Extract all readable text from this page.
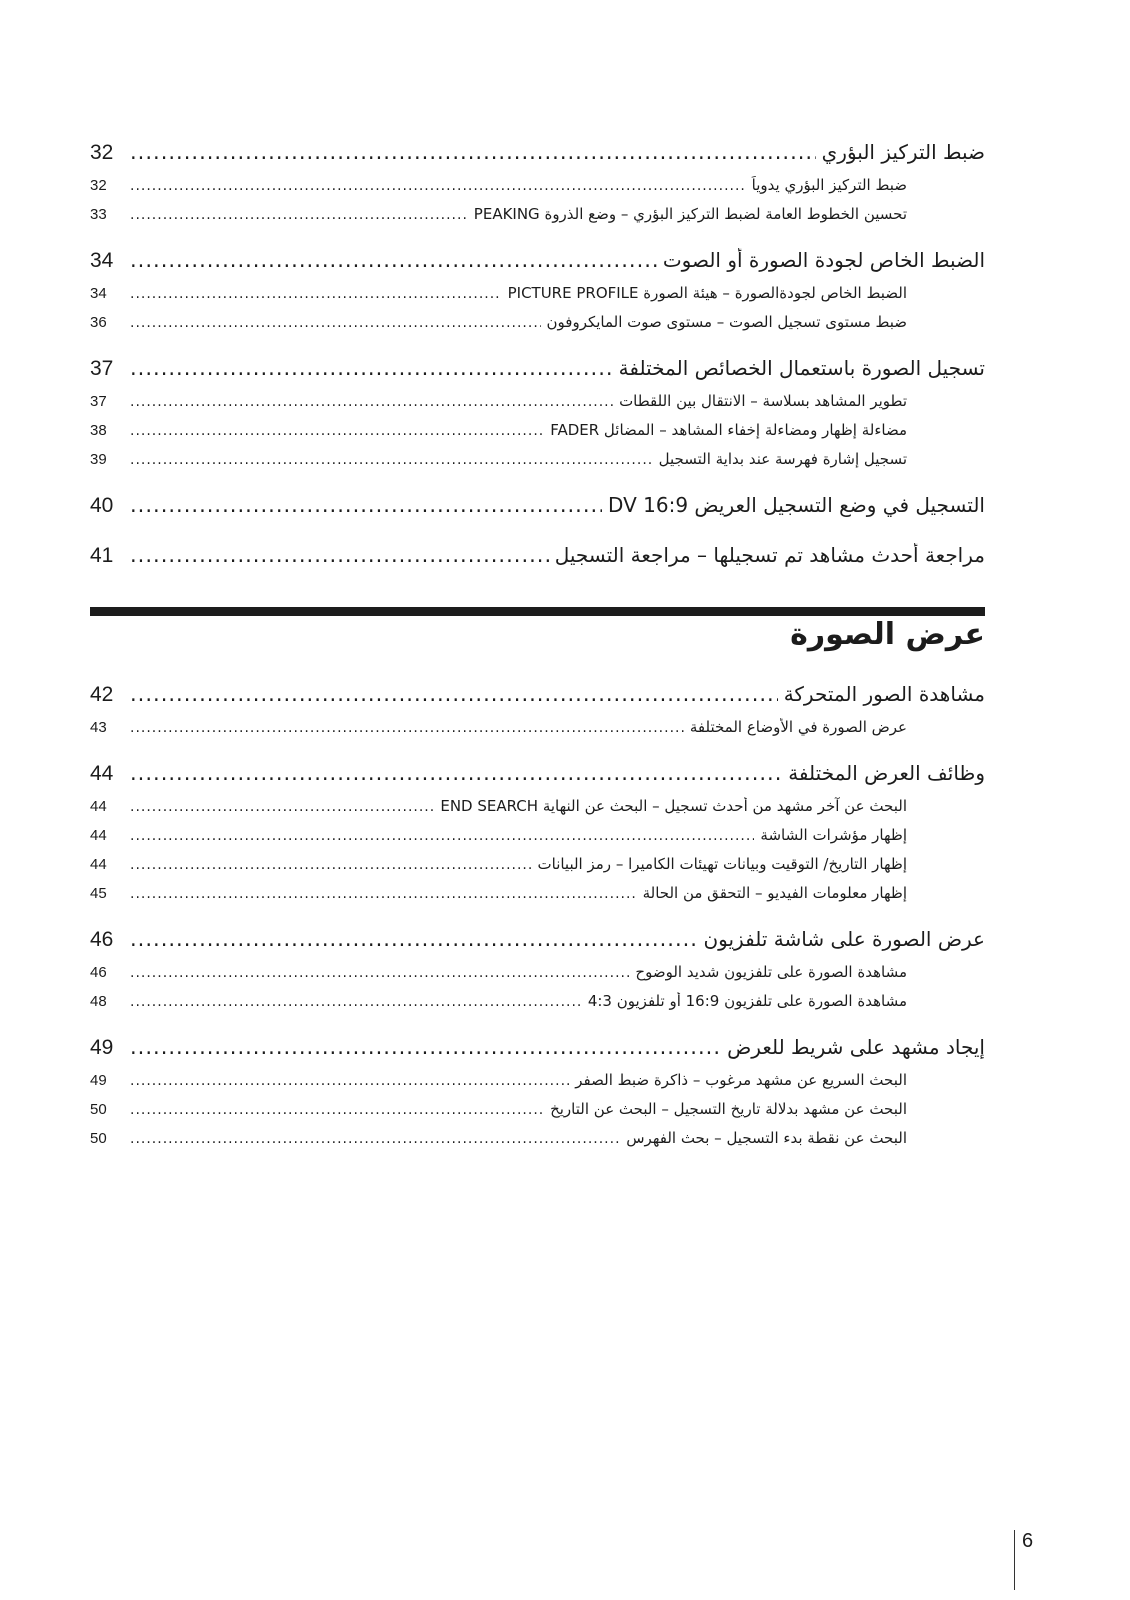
32 .....	ضبط التركيز البؤري
32 .....	ضبط التركيز البؤري يدوياً
33 .....	تحسين الخطوط العامة لضبط التركيز البؤري – وضع الذروة PEAKING
34 .....	الضبط الخاص لجودة الصورة أو الصوت
34 .....	الضبط الخاص لجودةالصورة – هيئة الصورة PICTURE PROFILE
36 .....	ضبط مستوى تسجيل الصوت – مستوى صوت المايكروفون
37 .....	تسجيل الصورة باستعمال الخصائص المختلفة
37 .....	تطوير المشاهد بسلاسة – الانتقال بين اللقطات
38 .....	مضاءلة إظهار ومضاءلة إخفاء المشاهد – المضائل FADER
39 .....	تسجيل إشارة فهرسة عند بداية التسجيل
40 .....	التسجيل في وضع التسجيل العريض 16:9 DV
41 .....	مراجعة أحدث مشاهد تم تسجيلها – مراجعة التسجيل
عرض الصورة
42 .....	مشاهدة الصور المتحركة
43 .....	عرض الصورة في الأوضاع المختلفة
44 .....	وظائف العرض المختلفة
44 .....	البحث عن آخر مشهد من أحدث تسجيل – البحث عن النهاية END SEARCH
44 .....	إظهار مؤشرات الشاشة
44 .....	إظهار التاريخ/ التوقيت وبيانات تهيئات الكاميرا – رمز البيانات
45 .....	إظهار معلومات الفيديو – التحقق من الحالة
46 .....	عرض الصورة على شاشة تلفزيون
46 .....	مشاهدة الصورة على تلفزيون شديد الوضوح
48 .....	مشاهدة الصورة على تلفزيون 16:9 أو تلفزيون 4:3
49 .....	إيجاد مشهد على شريط للعرض
49 .....	البحث السريع عن مشهد مرغوب – ذاكرة ضبط الصفر
50 .....	البحث عن مشهد بدلالة تاريخ التسجيل – البحث عن التاريخ
50 .....	البحث عن نقطة بدء التسجيل – بحث الفهرس
6
